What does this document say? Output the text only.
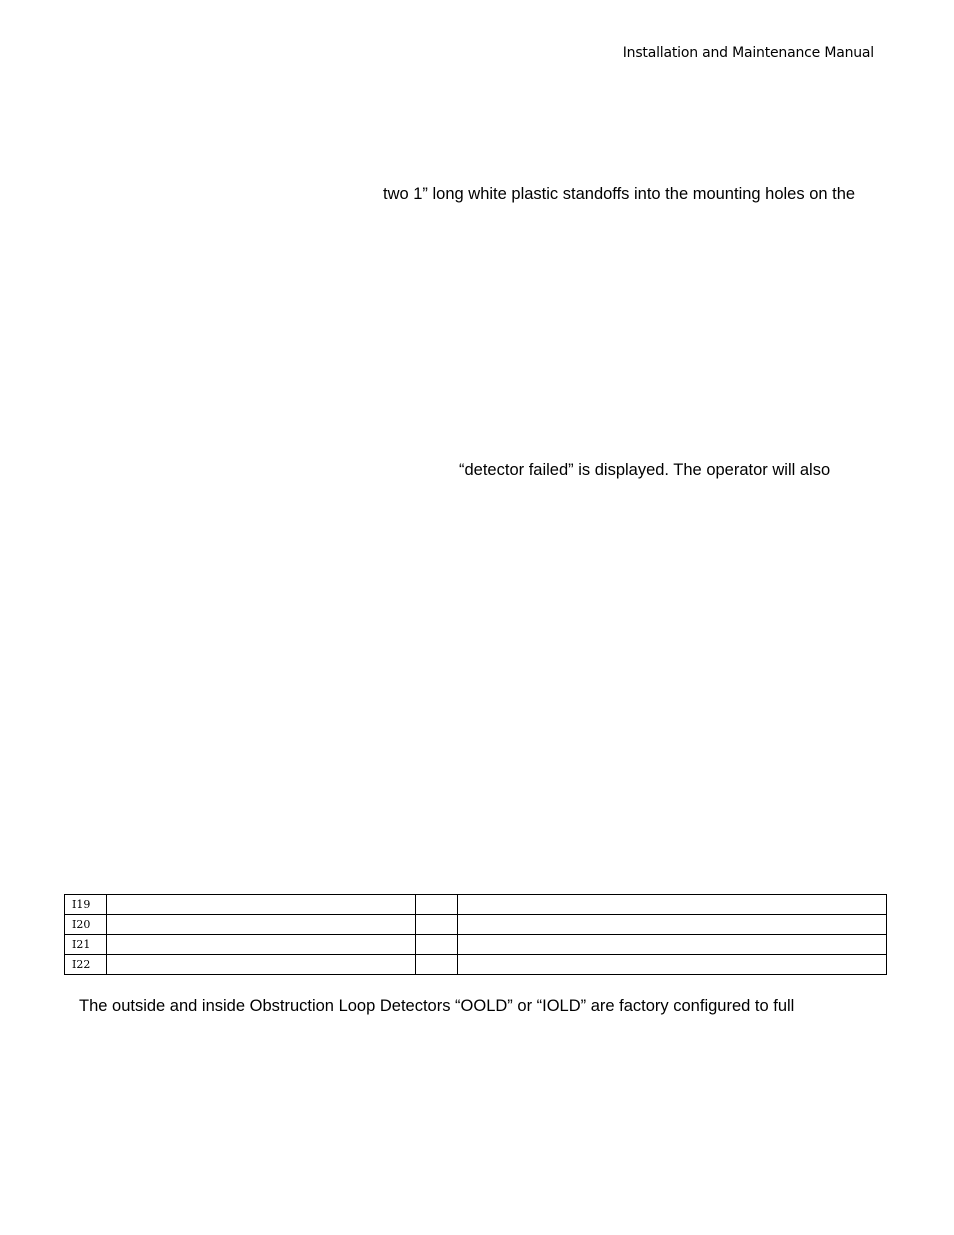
Installation and Maintenance Manual
two 1” long white plastic standoffs into the mounting holes on the
“detector failed” is displayed. The operator will also
I19			
I20			
I21			
I22			
The outside and inside Obstruction Loop Detectors “OOLD” or “IOLD” are factory configured to full
